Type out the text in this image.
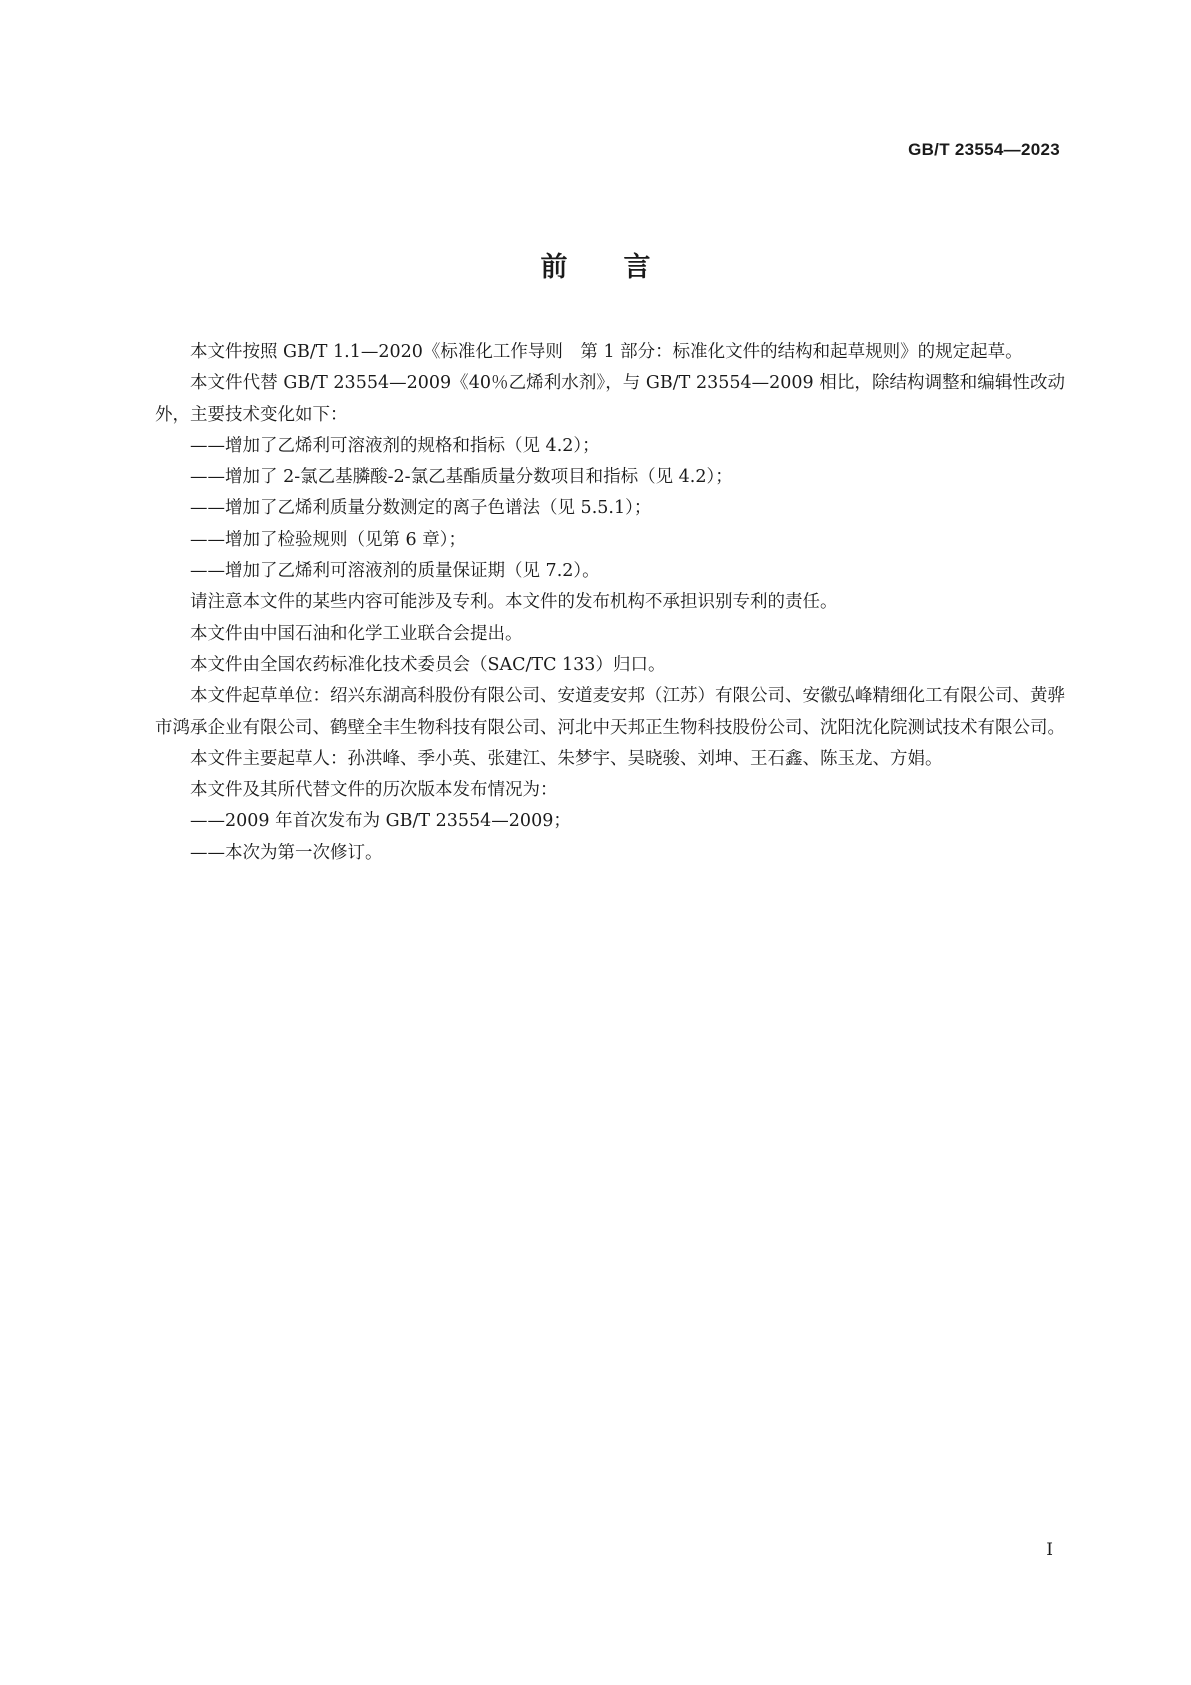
GB/T 23554—2023
前言

本文件按照 GB/T 1.1—2020《标准化工作导则　第 1 部分：标准化文件的结构和起草规则》的规定起草。

本文件代替 GB/T 23554—2009《40％乙烯利水剂》，与 GB/T 23554—2009 相比，除结构调整和编辑性改动外，主要技术变化如下：

——增加了乙烯利可溶液剂的规格和指标（见 4.2）；

——增加了 2-氯乙基膦酸-2-氯乙基酯质量分数项目和指标（见 4.2）；

——增加了乙烯利质量分数测定的离子色谱法（见 5.5.1）；

——增加了检验规则（见第 6 章）；

——增加了乙烯利可溶液剂的质量保证期（见 7.2）。

请注意本文件的某些内容可能涉及专利。本文件的发布机构不承担识别专利的责任。

本文件由中国石油和化学工业联合会提出。

本文件由全国农药标准化技术委员会（SAC/TC 133）归口。

本文件起草单位：绍兴东湖高科股份有限公司、安道麦安邦（江苏）有限公司、安徽弘峰精细化工有限公司、黄骅市鸿承企业有限公司、鹤壁全丰生物科技有限公司、河北中天邦正生物科技股份公司、沈阳沈化院测试技术有限公司。

本文件主要起草人：孙洪峰、季小英、张建江、朱梦宇、吴晓骏、刘坤、王石鑫、陈玉龙、方娟。

本文件及其所代替文件的历次版本发布情况为：

——2009 年首次发布为 GB/T 23554—2009；

——本次为第一次修订。

I
